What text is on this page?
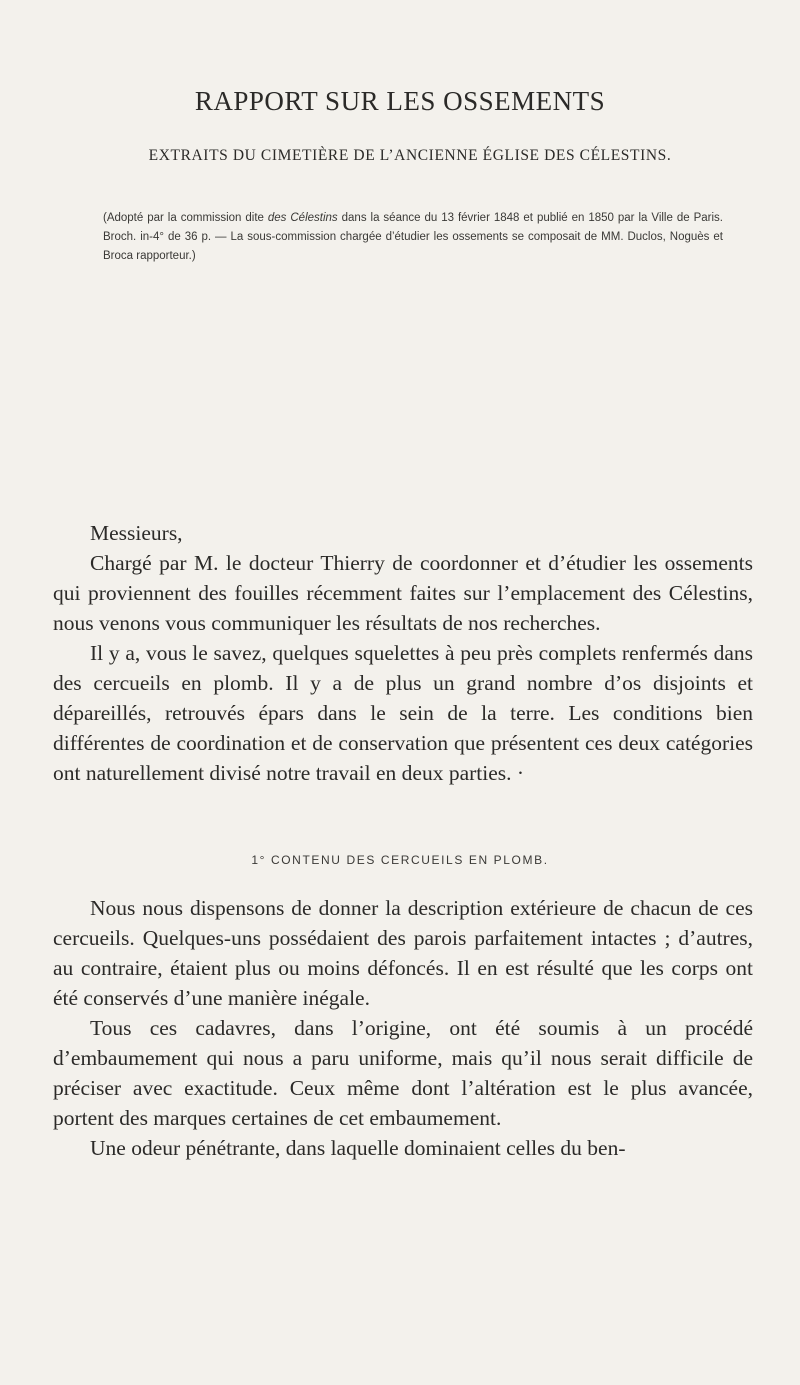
RAPPORT SUR LES OSSEMENTS
EXTRAITS DU CIMETIÈRE DE L’ANCIENNE ÉGLISE DES CÉLESTINS.

(Adopté par la commission dite des Célestins dans la séance du 13 février 1848 et publié en 1850 par la Ville de Paris. Broch. in-4° de 36 p. — La sous-commission chargée d’étudier les ossements se composait de MM. Duclos, Noguès et Broca rapporteur.)

Messieurs,

Chargé par M. le docteur Thierry de coordonner et d’étudier les ossements qui proviennent des fouilles récemment faites sur l’emplacement des Célestins, nous venons vous communiquer les résultats de nos recherches.

Il y a, vous le savez, quelques squelettes à peu près complets renfermés dans des cercueils en plomb. Il y a de plus un grand nombre d’os disjoints et dépareillés, retrouvés épars dans le sein de la terre. Les conditions bien différentes de coordination et de conservation que présentent ces deux catégories ont naturellement divisé notre travail en deux parties. ·

1° CONTENU DES CERCUEILS EN PLOMB.

Nous nous dispensons de donner la description extérieure de chacun de ces cercueils. Quelques-uns possédaient des parois parfaitement intactes ; d’autres, au contraire, étaient plus ou moins défoncés. Il en est résulté que les corps ont été conservés d’une manière inégale.

Tous ces cadavres, dans l’origine, ont été soumis à un procédé d’embaumement qui nous a paru uniforme, mais qu’il nous serait difficile de préciser avec exactitude. Ceux même dont l’altération est le plus avancée, portent des marques certaines de cet embaumement.

Une odeur pénétrante, dans laquelle dominaient celles du ben-
